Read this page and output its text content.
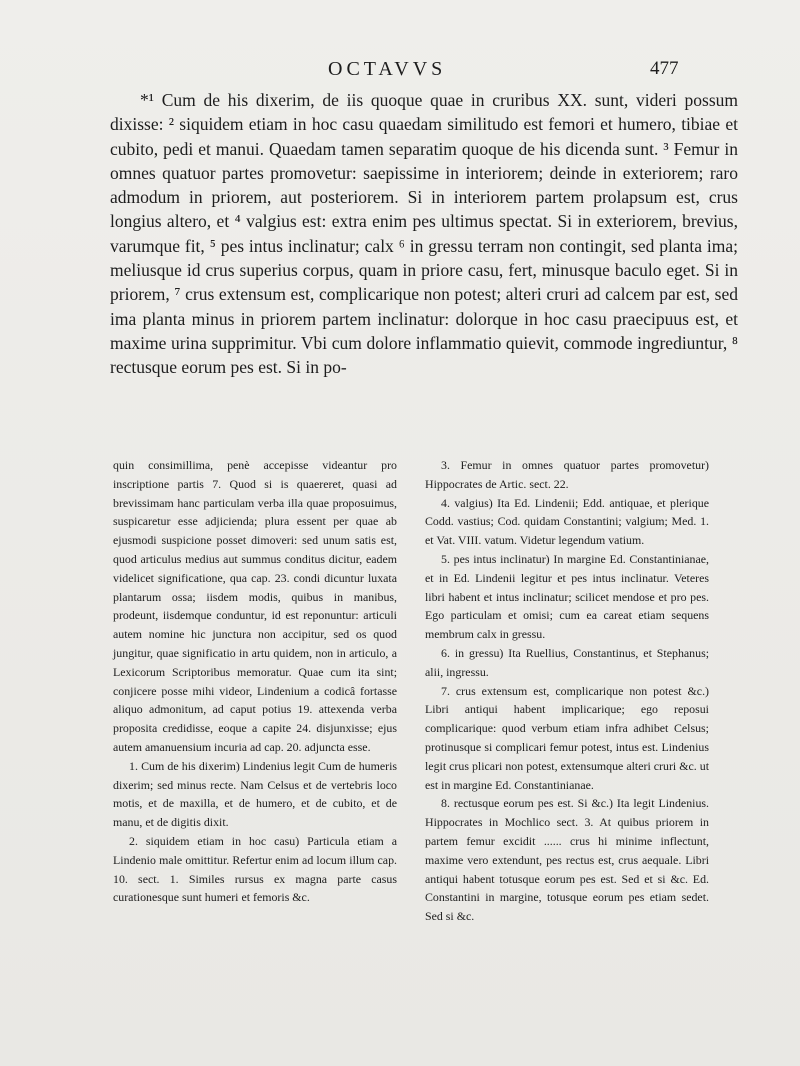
OCTAVVS	477

*¹ Cum de his dixerim, de iis quoque quae in cruribus XX. sunt, videri possum dixisse: ² siquidem etiam in hoc casu quaedam similitudo est femori et humero, tibiae et cubito, pedi et manui. Quaedam tamen separatim quoque de his dicenda sunt. ³ Femur in omnes quatuor partes promovetur: saepissime in interiorem; deinde in exteriorem; raro admodum in priorem, aut posteriorem. Si in interiorem partem prolapsum est, crus longius altero, et ⁴ valgius est: extra enim pes ultimus spectat. Si in exteriorem, brevius, varumque fit, ⁵ pes intus inclinatur; calx ⁶ in gressu terram non contingit, sed planta ima; meliusque id crus superius corpus, quam in priore casu, fert, minusque baculo eget. Si in priorem, ⁷ crus extensum est, complicarique non potest; alteri cruri ad calcem par est, sed ima planta minus in priorem partem inclinatur: dolorque in hoc casu praecipuus est, et maxime urina supprimitur. Vbi cum dolore inflammatio quievit, commode ingrediuntur, ⁸ rectusque eorum pes est. Si in po-

quin consimillima, penè accepisse videantur pro inscriptione partis 7. Quod si is quaereret, quasi ad brevissimam hanc particulam verba illa quae proposuimus, suspicaretur esse adjicienda; plura essent per quae ab ejusmodi suspicione posset dimoveri: sed unum satis est, quod articulus medius aut summus conditus dicitur, eadem videlicet significatione, qua cap. 23. condi dicuntur luxata plantarum ossa; iisdem modis, quibus in manibus, prodeunt, iisdemque conduntur, id est reponuntur: articuli autem nomine hic junctura non accipitur, sed os quod jungitur, quae significatio in artu quidem, non in articulo, a Lexicorum Scriptoribus memoratur. Quae cum ita sint; conjicere posse mihi videor, Lindenium a codicâ fortasse aliquo admonitum, ad caput potius 19. attexenda verba proposita credidisse, eoque a capite 24. disjunxisse; ejus autem amanuensium incuria ad cap. 20. adjuncta esse.

1. Cum de his dixerim) Lindenius legit Cum de humeris dixerim; sed minus recte. Nam Celsus et de vertebris loco motis, et de maxilla, et de humero, et de cubito, et de manu, et de digitis dixit.

2. siquidem etiam in hoc casu) Particula etiam a Lindenio male omittitur. Refertur enim ad locum illum cap. 10. sect. 1. Similes rursus ex magna parte casus curationesque sunt humeri et femoris &c.

3. Femur in omnes quatuor partes promovetur) Hippocrates de Artic. sect. 22.

4. valgius) Ita Ed. Lindenii; Edd. antiquae, et plerique Codd. vastius; Cod. quidam Constantini; valgium; Med. 1. et Vat. VIII. vatum. Videtur legendum vatium.

5. pes intus inclinatur) In margine Ed. Constantinianae, et in Ed. Lindenii legitur et pes intus inclinatur. Veteres libri habent et intus inclinatur; scilicet mendose et pro pes. Ego particulam et omisi; cum ea careat etiam sequens membrum calx in gressu.

6. in gressu) Ita Ruellius, Constantinus, et Stephanus; alii, ingressu.

7. crus extensum est, complicarique non potest &c.) Libri antiqui habent implicarique; ego reposui complicarique: quod verbum etiam infra adhibet Celsus; protinusque si complicari femur potest, intus est. Lindenius legit crus plicari non potest, extensumque alteri cruri &c. ut est in margine Ed. Constantinianae.

8. rectusque eorum pes est. Si &c.) Ita legit Lindenius. Hippocrates in Mochlico sect. 3. At quibus priorem in partem femur excidit ...... crus hi minime inflectunt, maxime vero extendunt, pes rectus est, crus aequale. Libri antiqui habent totusque eorum pes est. Sed et si &c. Ed. Constantini in margine, totusque eorum pes etiam sedet. Sed si &c.
